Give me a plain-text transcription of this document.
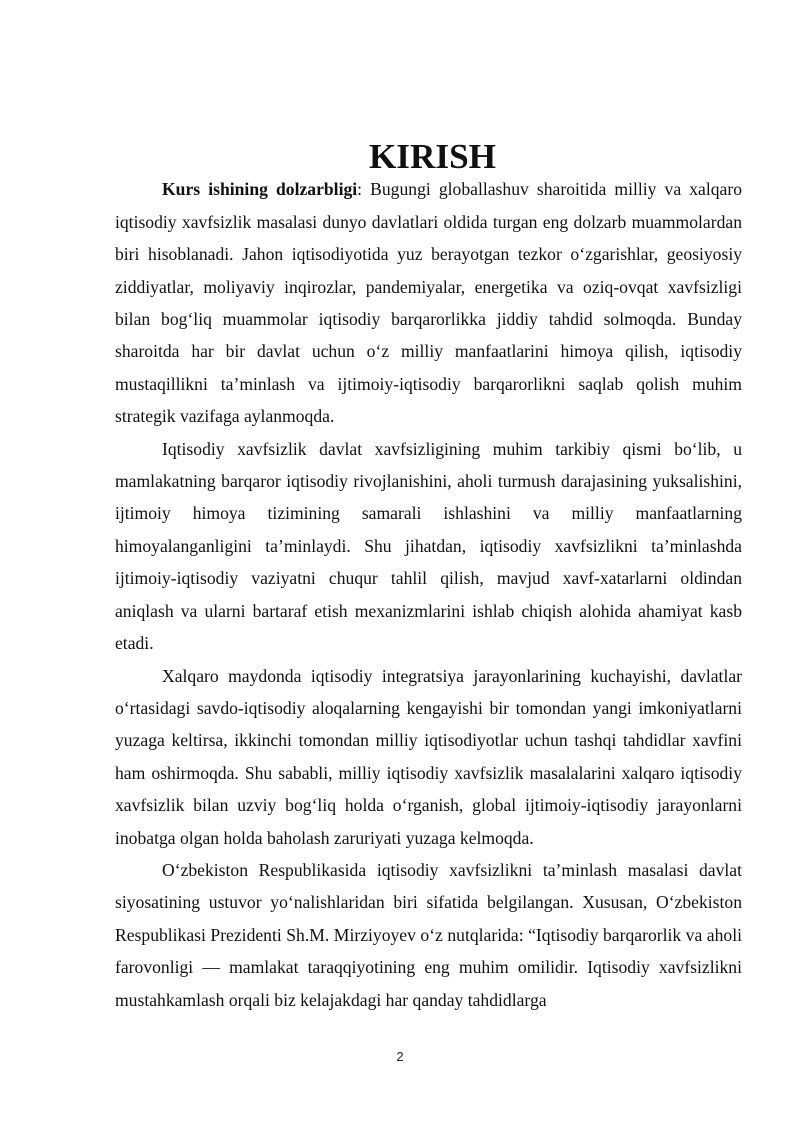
KIRISH

Kurs ishining dolzarbligi: Bugungi globallashuv sharoitida milliy va xalqaro iqtisodiy xavfsizlik masalasi dunyo davlatlari oldida turgan eng dolzarb muammolardan biri hisoblanadi. Jahon iqtisodiyotida yuz berayotgan tezkor o‘zgarishlar, geosiyosiy ziddiyatlar, moliyaviy inqirozlar, pandemiyalar, energetika va oziq-ovqat xavfsizligi bilan bog‘liq muammolar iqtisodiy barqarorlikka jiddiy tahdid solmoqda. Bunday sharoitda har bir davlat uchun o‘z milliy manfaatlarini himoya qilish, iqtisodiy mustaqillikni ta’minlash va ijtimoiy-iqtisodiy barqarorlikni saqlab qolish muhim strategik vazifaga aylanmoqda.

Iqtisodiy xavfsizlik davlat xavfsizligining muhim tarkibiy qismi bo‘lib, u mamlakatning barqaror iqtisodiy rivojlanishini, aholi turmush darajasining yuksalishini, ijtimoiy himoya tizimining samarali ishlashini va milliy manfaatlarning himoyalanganligini ta’minlaydi. Shu jihatdan, iqtisodiy xavfsizlikni ta’minlashda ijtimoiy-iqtisodiy vaziyatni chuqur tahlil qilish, mavjud xavf-xatarlarni oldindan aniqlash va ularni bartaraf etish mexanizmlarini ishlab chiqish alohida ahamiyat kasb etadi.

Xalqaro maydonda iqtisodiy integratsiya jarayonlarining kuchayishi, davlatlar o‘rtasidagi savdo-iqtisodiy aloqalarning kengayishi bir tomondan yangi imkoniyatlarni yuzaga keltirsa, ikkinchi tomondan milliy iqtisodiyotlar uchun tashqi tahdidlar xavfini ham oshirmoqda. Shu sababli, milliy iqtisodiy xavfsizlik masalalarini xalqaro iqtisodiy xavfsizlik bilan uzviy bog‘liq holda o‘rganish, global ijtimoiy-iqtisodiy jarayonlarni inobatga olgan holda baholash zaruriyati yuzaga kelmoqda.

O‘zbekiston Respublikasida iqtisodiy xavfsizlikni ta’minlash masalasi davlat siyosatining ustuvor yo‘nalishlaridan biri sifatida belgilangan. Xususan, O‘zbekiston Respublikasi Prezidenti Sh.M. Mirziyoyev o‘z nutqlarida: “Iqtisodiy barqarorlik va aholi farovonligi — mamlakat taraqqiyotining eng muhim omilidir. Iqtisodiy xavfsizlikni mustahkamlash orqali biz kelajakdagi har qanday tahdidlarga

2
